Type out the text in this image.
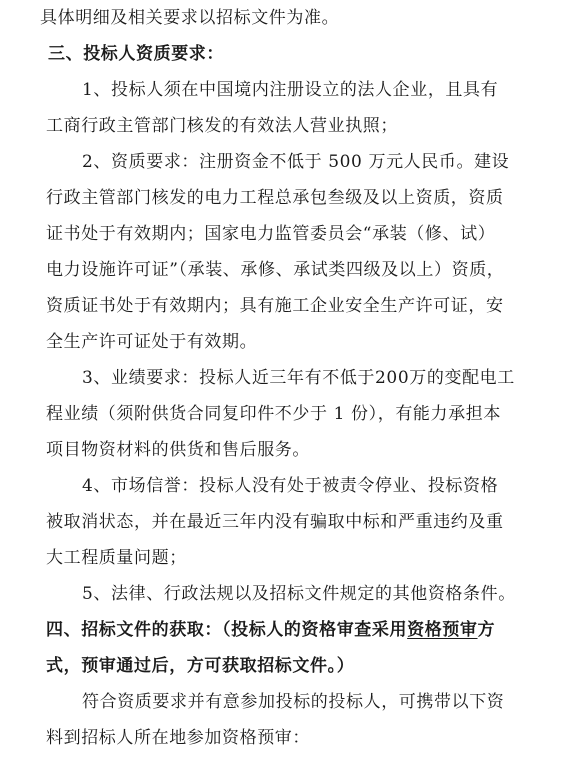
具体明细及相关要求以招标文件为准。
三、投标人资质要求：
1、投标人须在中国境内注册设立的法人企业，且具有
工商行政主管部门核发的有效法人营业执照；
2、资质要求：注册资金不低于 500 万元人民币。建设
行政主管部门核发的电力工程总承包叁级及以上资质，资质
证书处于有效期内；国家电力监管委员会“承装（修、试）
电力设施许可证”（承装、承修、承试类四级及以上）资质，
资质证书处于有效期内；具有施工企业安全生产许可证，安
全生产许可证处于有效期。
3、业绩要求：投标人近三年有不低于200万的变配电工
程业绩（须附供货合同复印件不少于 1 份），有能力承担本
项目物资材料的供货和售后服务。
4、市场信誉：投标人没有处于被责令停业、投标资格
被取消状态，并在最近三年内没有骗取中标和严重违约及重
大工程质量问题；
5、法律、行政法规以及招标文件规定的其他资格条件。
四、招标文件的获取：（投标人的资格审查采用资格预审方
式，预审通过后，方可获取招标文件。）
符合资质要求并有意参加投标的投标人，可携带以下资
料到招标人所在地参加资格预审：
